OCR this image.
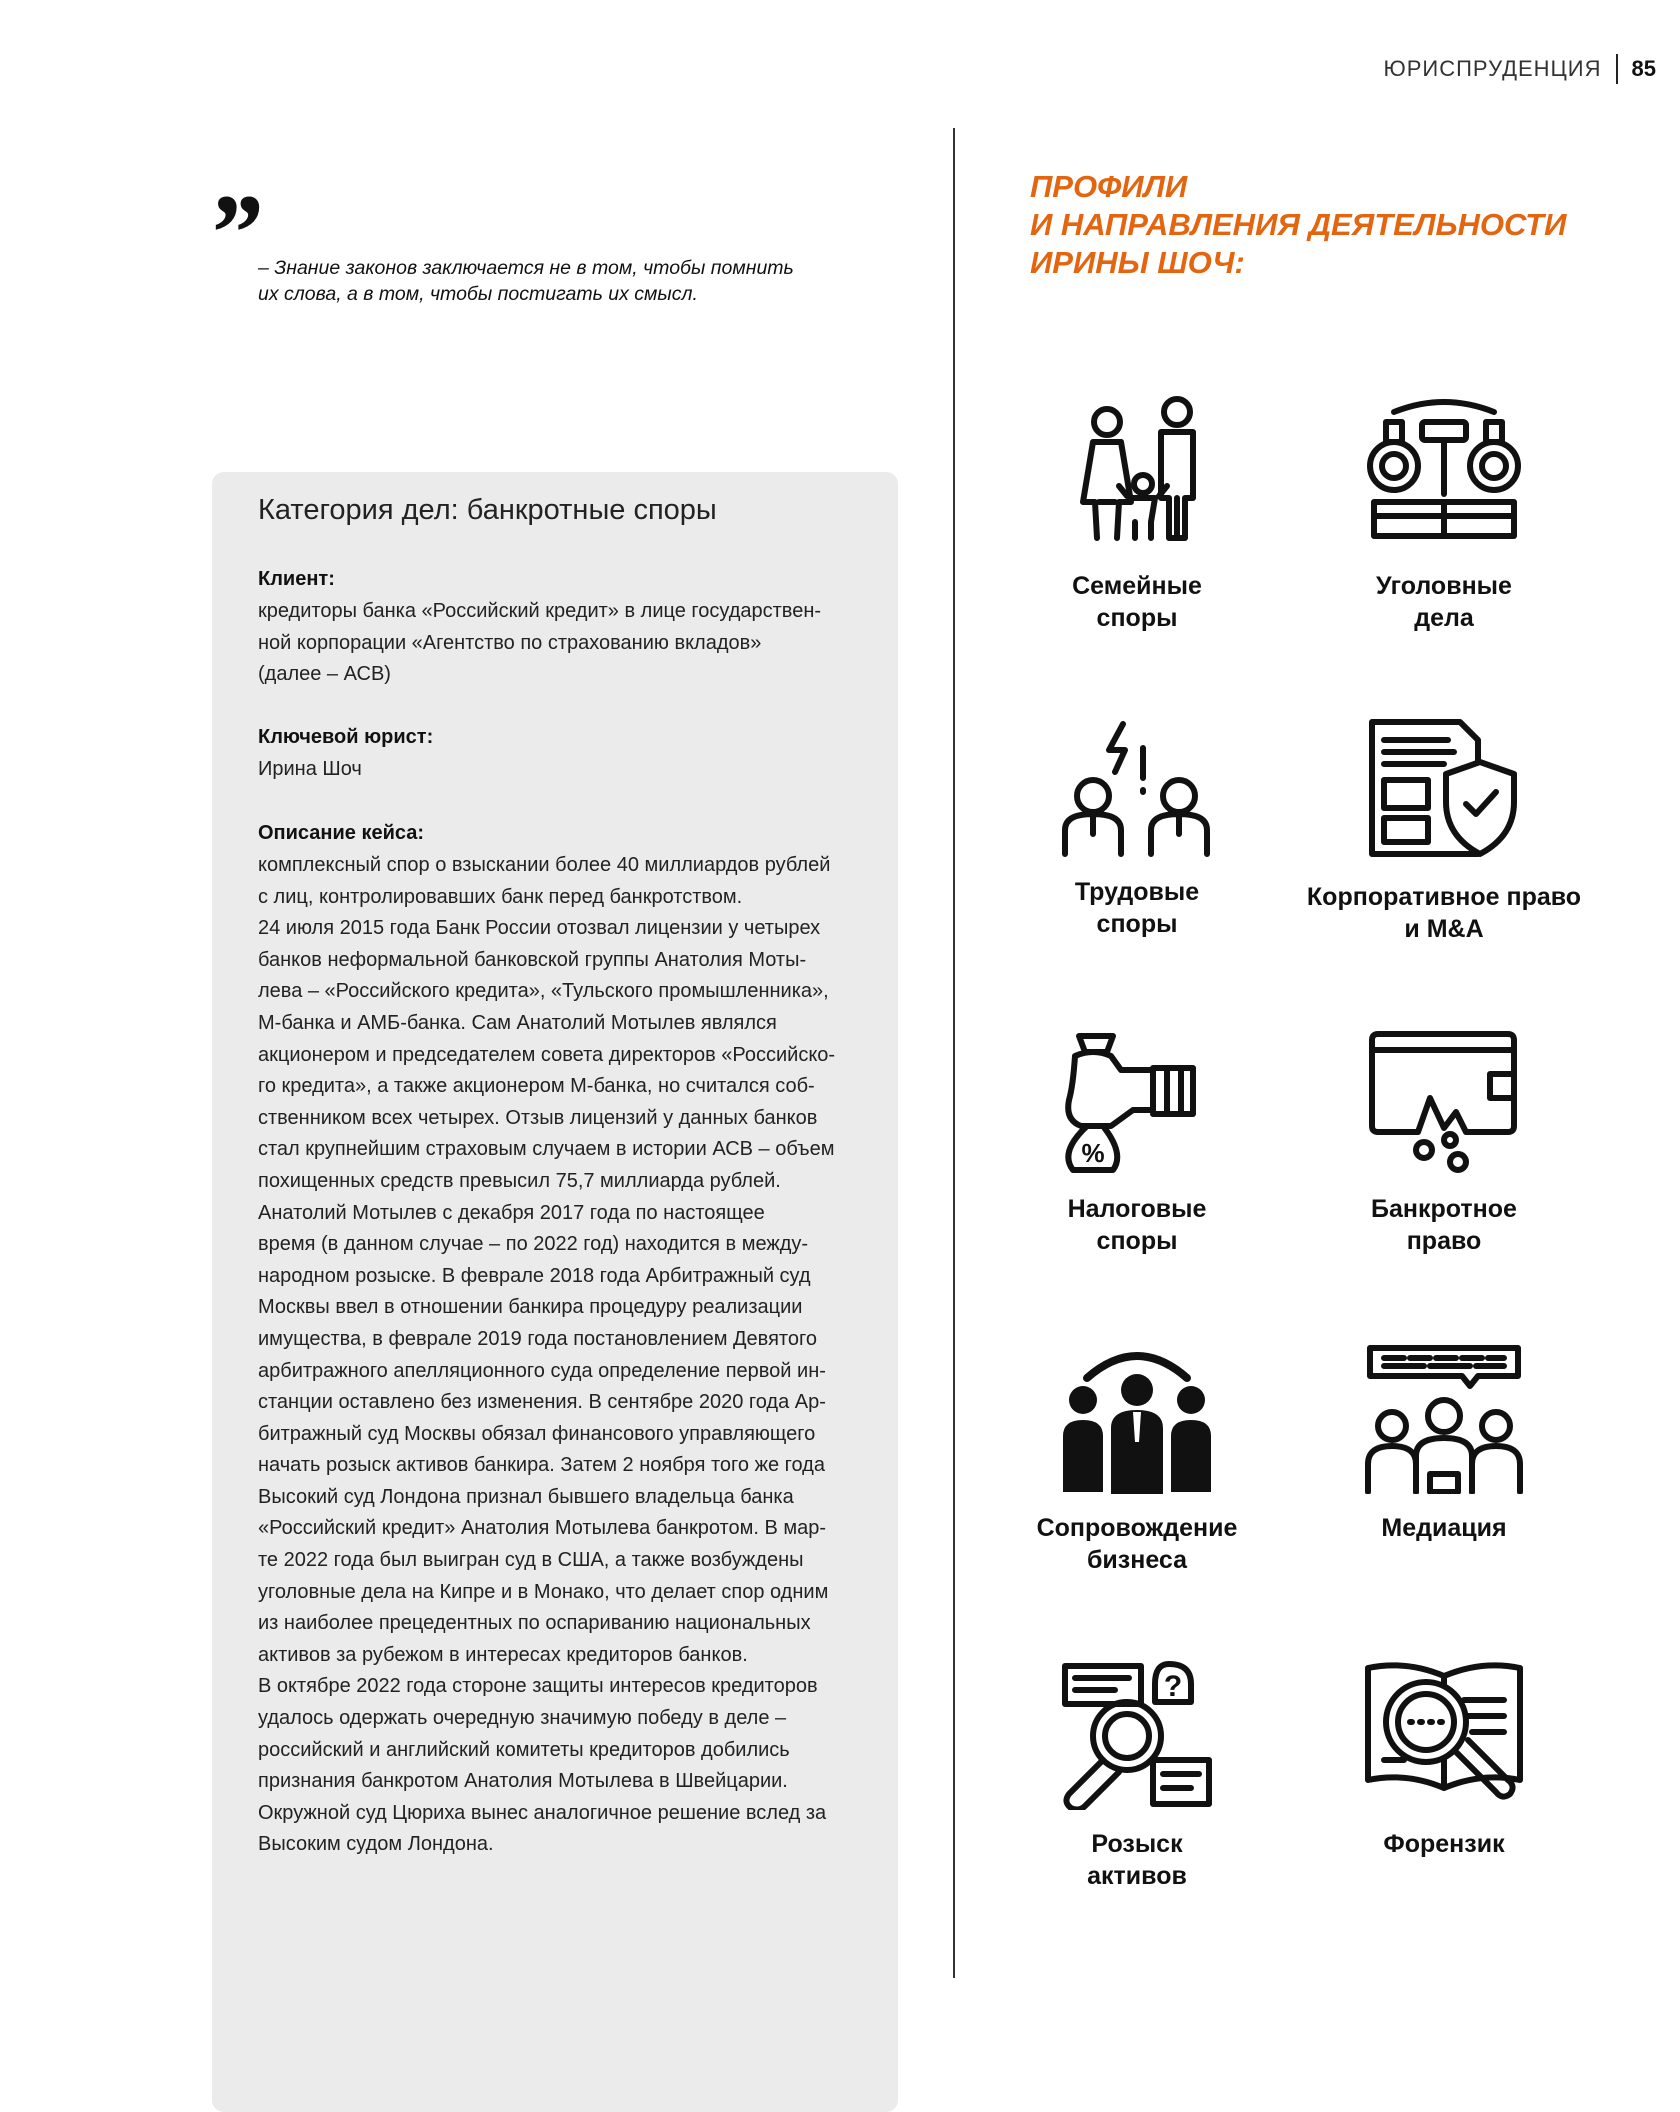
ЮРИСПРУДЕНЦИЯ	85
”
– Знание законов заключается не в том, чтобы помнить
их слова, а в том, чтобы постигать их смысл.
Категория дел: банкротные споры
Клиент:
кредиторы банка «Российский кредит» в лице государствен-
ной корпорации «Агентство по страхованию вкладов»
(далее – АСВ)
Ключевой юрист:
Ирина Шоч
Описание кейса:
комплексный спор о взыскании более 40 миллиардов рублей
с лиц, контролировавших банк перед банкротством.
24 июля 2015 года Банк России отозвал лицензии у четырех
банков неформальной банковской группы Анатолия Моты-
лева – «Российского кредита», «Тульского промышленника»,
М-банка и АМБ-банка. Сам Анатолий Мотылев являлся
акционером и председателем совета директоров «Российско-
го кредита», а также акционером М-банка, но считался соб-
ственником всех четырех. Отзыв лицензий у данных банков
стал крупнейшим страховым случаем в истории АСВ – объем
похищенных средств превысил 75,7 миллиарда рублей.
Анатолий Мотылев с декабря 2017 года по настоящее
время (в данном случае – по 2022 год) находится в между-
народном розыске. В феврале 2018 года Арбитражный суд
Москвы ввел в отношении банкира процедуру реализации
имущества, в феврале 2019 года постановлением Девятого
арбитражного апелляционного суда определение первой ин-
станции оставлено без изменения. В сентябре 2020 года Ар-
битражный суд Москвы обязал финансового управляющего
начать розыск активов банкира. Затем 2 ноября того же года
Высокий суд Лондона признал бывшего владельца банка
«Российский кредит» Анатолия Мотылева банкротом. В мар-
те 2022 года был выигран суд в США, а также возбуждены
уголовные дела на Кипре и в Монако, что делает спор одним
из наиболее прецедентных по оспариванию национальных
активов за рубежом в интересах кредиторов банков.
В октябре 2022 года стороне защиты интересов кредиторов
удалось одержать очередную значимую победу в деле –
российский и английский комитеты кредиторов добились
признания банкротом Анатолия Мотылева в Швейцарии.
Окружной суд Цюриха вынес аналогичное решение вслед за
Высоким судом Лондона.
ПРОФИЛИ
И НАПРАВЛЕНИЯ ДЕЯТЕЛЬНОСТИ
ИРИНЫ ШОЧ:
Семейные
споры
Уголовные
дела
Трудовые
споры
Корпоративное право
и M&A
%
Налоговые
споры
Банкротное
право
Сопровождение
бизнеса
Медиация
?
Розыск
активов
Форензик
